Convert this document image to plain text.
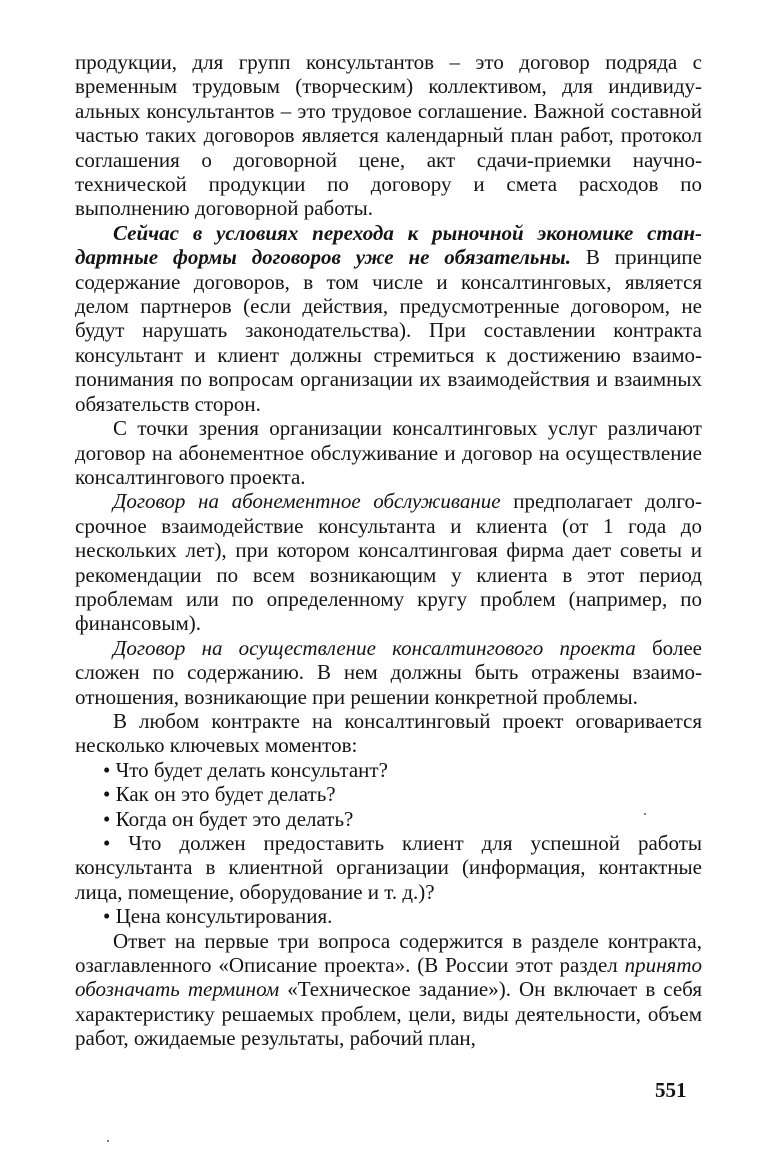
продукции, для групп консультантов – это договор подряда с временным трудовым (творческим) коллективом, для индивидуальных консультантов – это трудовое соглашение. Важной составной частью таких договоров является календарный план работ, протокол соглашения о договорной цене, акт сдачи-приемки научно-технической продукции по договору и смета расходов по выполнению договорной работы.

Сейчас в условиях перехода к рыночной экономике стандартные формы договоров уже не обязательны. В принципе содержание договоров, в том числе и консалтинговых, является делом партнеров (если действия, предусмотренные договором, не будут нарушать законодательства). При составлении контракта консультант и клиент должны стремиться к достижению взаимопонимания по вопросам организации их взаимодействия и взаимных обязательств сторон.

С точки зрения организации консалтинговых услуг различают договор на абонементное обслуживание и договор на осуществление консалтингового проекта.

Договор на абонементное обслуживание предполагает долгосрочное взаимодействие консультанта и клиента (от 1 года до нескольких лет), при котором консалтинговая фирма дает советы и рекомендации по всем возникающим у клиента в этот период проблемам или по определенному кругу проблем (например, по финансовым).

Договор на осуществление консалтингового проекта более сложен по содержанию. В нем должны быть отражены взаимоотношения, возникающие при решении конкретной проблемы.

В любом контракте на консалтинговый проект оговаривается несколько ключевых моментов:

• Что будет делать консультант?

• Как он это будет делать?

• Когда он будет это делать?

• Что должен предоставить клиент для успешной работы консультанта в клиентной организации (информация, контактные лица, помещение, оборудование и т. д.)?

• Цена консультирования.

Ответ на первые три вопроса содержится в разделе контракта, озаглавленного «Описание проекта». (В России этот раздел принято обозначать термином «Техническое задание»). Он включает в себя характеристику решаемых проблем, цели, виды деятельности, объем работ, ожидаемые результаты, рабочий план,

551
